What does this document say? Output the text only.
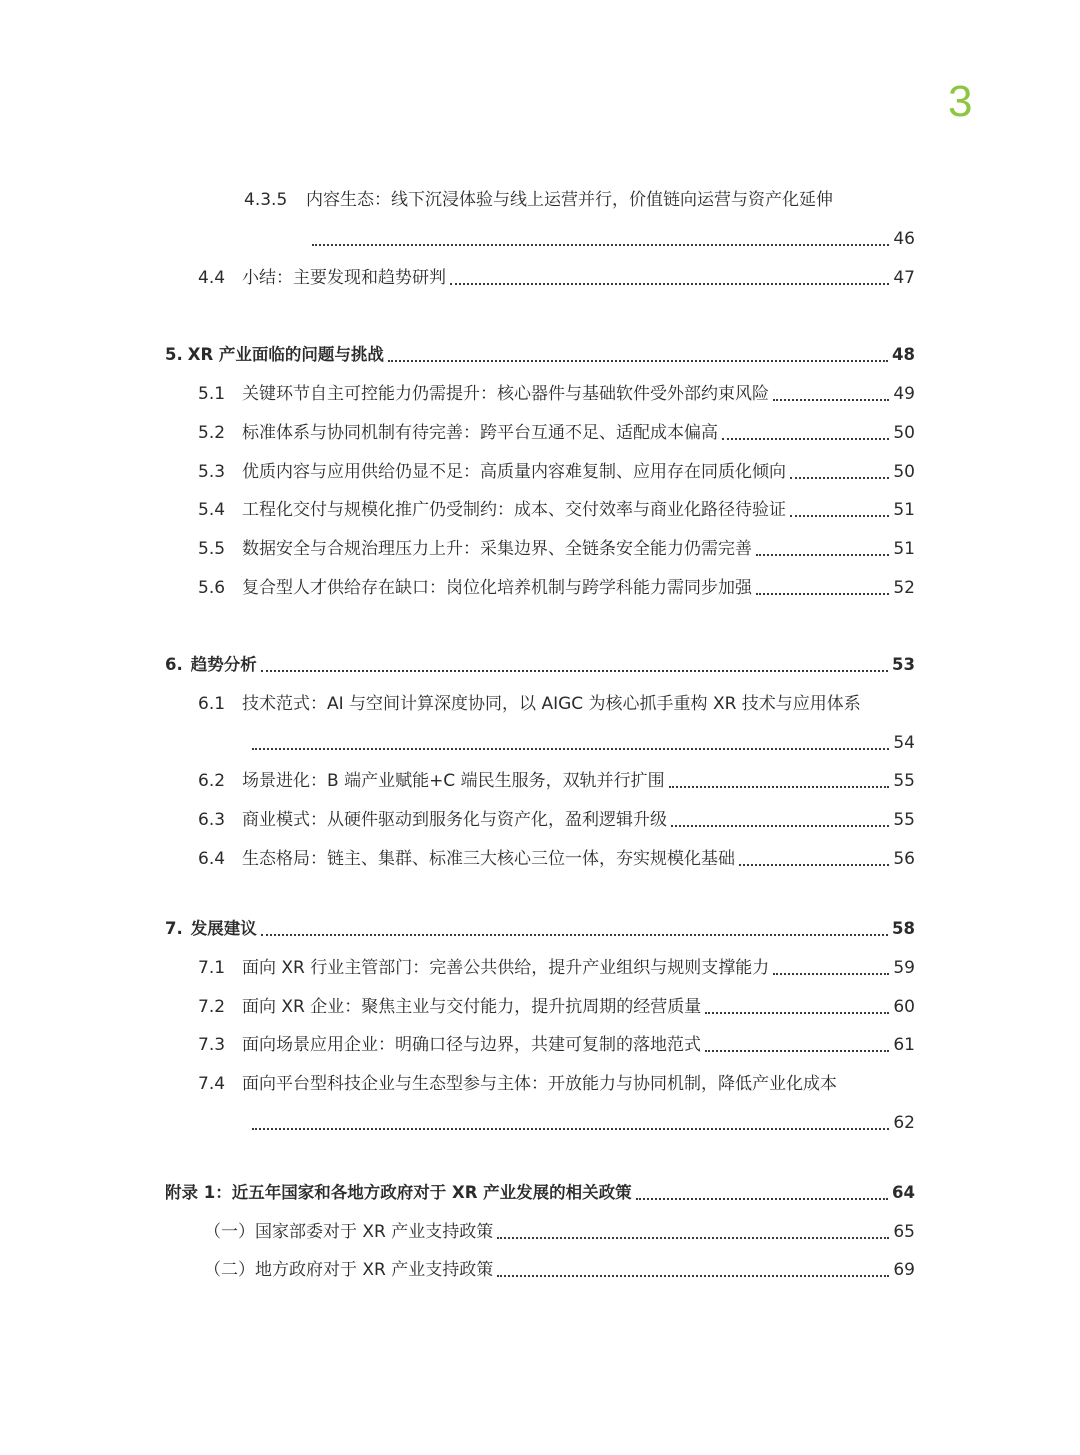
3
4.3.5	内容生态：线下沉浸体验与线上运营并行，价值链向运营与资产化延伸
46
4.4 小结：主要发现和趋势研判	47
5. XR 产业面临的问题与挑战	48
5.1 关键环节自主可控能力仍需提升：核心器件与基础软件受外部约束风险	49
5.2 标准体系与协同机制有待完善：跨平台互通不足、适配成本偏高	50
5.3 优质内容与应用供给仍显不足：高质量内容难复制、应用存在同质化倾向	50
5.4 工程化交付与规模化推广仍受制约：成本、交付效率与商业化路径待验证	51
5.5 数据安全与合规治理压力上升：采集边界、全链条安全能力仍需完善	51
5.6 复合型人才供给存在缺口：岗位化培养机制与跨学科能力需同步加强	52
6. 趋势分析	53
6.1 技术范式：AI 与空间计算深度协同，以 AIGC 为核心抓手重构 XR 技术与应用体系
54
6.2 场景进化：B 端产业赋能+C 端民生服务，双轨并行扩围	55
6.3 商业模式：从硬件驱动到服务化与资产化，盈利逻辑升级	55
6.4 生态格局：链主、集群、标准三大核心三位一体，夯实规模化基础	56
7. 发展建议	58
7.1 面向 XR 行业主管部门：完善公共供给，提升产业组织与规则支撑能力	59
7.2 面向 XR 企业：聚焦主业与交付能力，提升抗周期的经营质量	60
7.3 面向场景应用企业：明确口径与边界，共建可复制的落地范式	61
7.4 面向平台型科技企业与生态型参与主体：开放能力与协同机制，降低产业化成本
62
附录 1：近五年国家和各地方政府对于 XR 产业发展的相关政策	64
（一）国家部委对于 XR 产业支持政策	65
（二）地方政府对于 XR 产业支持政策	69
